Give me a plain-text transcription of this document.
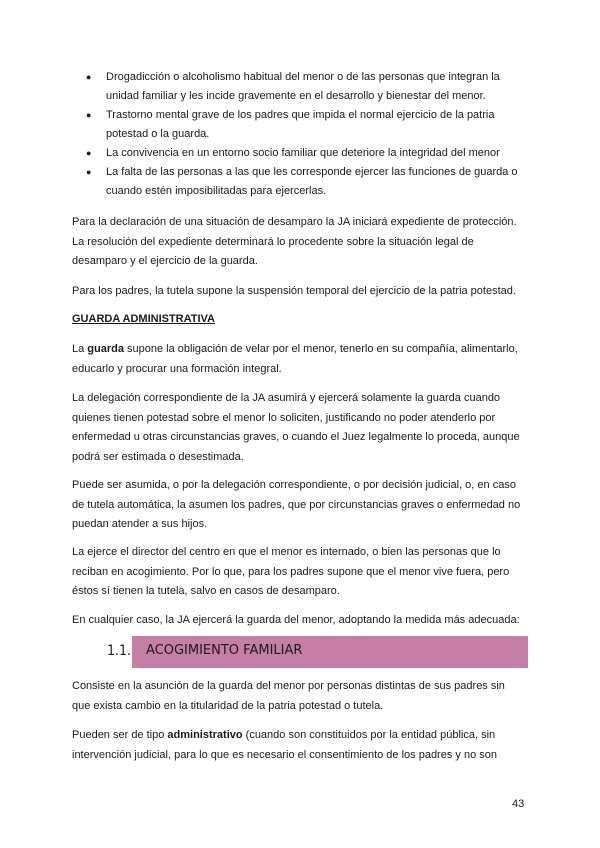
● Drogadicción o alcoholismo habitual del menor o de las personas que integran la unidad familiar y les incide gravemente en el desarrollo y bienestar del menor.
● Trastorno mental grave de los padres que impida el normal ejercicio de la patria potestad o la guarda.
● La convivencia en un entorno socio familiar que deteriore la integridad del menor
● La falta de las personas a las que les corresponde ejercer las funciones de guarda o cuando estén imposibilitadas para ejercerlas.

Para la declaración de una situación de desamparo la JA iniciará expediente de protección. La resolución del expediente determinará lo procedente sobre la situación legal de desamparo y el ejercicio de la guarda.

Para los padres, la tutela supone la suspensión temporal del ejercicio de la patria potestad.

GUARDA ADMINISTRATIVA

La guarda supone la obligación de velar por el menor, tenerlo en su compañía, alimentarlo, educarlo y procurar una formación integral.

La delegación correspondiente de la JA asumirá y ejercerá solamente la guarda cuando quienes tienen potestad sobre el menor lo soliciten, justificando no poder atenderlo por enfermedad u otras circunstancias graves, o cuando el Juez legalmente lo proceda, aunque podrá ser estimada o desestimada.

Puede ser asumida, o por la delegación correspondiente, o por decisión judicial, o, en caso de tutela automática, la asumen los padres, que por circunstancias graves o enfermedad no puedan atender a sus hijos.

La ejerce el director del centro en que el menor es internado, o bien las personas que lo reciban en acogimiento. Por lo que, para los padres supone que el menor vive fuera, pero éstos sí tienen la tutela, salvo en casos de desamparo.

En cualquier caso, la JA ejercerá la guarda del menor, adoptando la medida más adecuada:

1.1. ACOGIMIENTO FAMILIAR

Consiste en la asunción de la guarda del menor por personas distintas de sus padres sin que exista cambio en la titularidad de la patria potestad o tutela.

Pueden ser de tipo administrativo (cuando son constituidos por la entidad pública, sin intervención judicial, para lo que es necesario el consentimiento de los padres y no son

43
